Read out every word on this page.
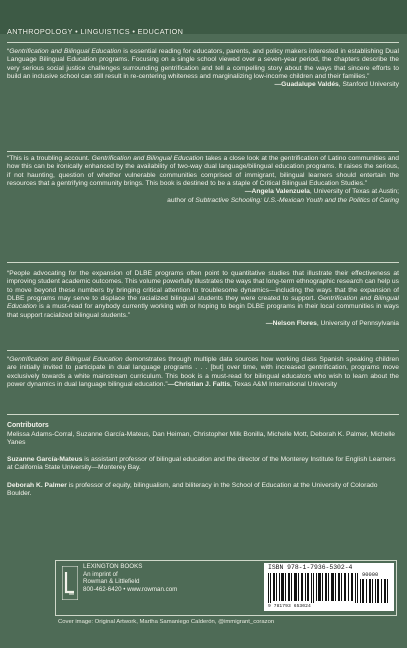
ANTHROPOLOGY • LINGUISTICS • EDUCATION
“Gentrification and Bilingual Education is essential reading for educators, parents, and policy makers interested in establishing Dual Language Bilingual Education programs. Focusing on a single school viewed over a seven-year period, the chapters describe the very serious social justice challenges surrounding gentrification and tell a compelling story about the ways that sincere efforts to build an inclusive school can still result in re-centering whiteness and marginalizing low-income children and their families.”
—Guadalupe Valdés, Stanford University
“This is a troubling account. Gentrification and Bilingual Education takes a close look at the gentrification of Latino communities and how this can be ironically enhanced by the availability of two-way dual language/bilingual education programs. It raises the serious, if not haunting, question of whether vulnerable communities comprised of immigrant, bilingual learners should entertain the resources that a gentrifying community brings. This book is destined to be a staple of Critical Bilingual Education Studies.”
—Angela Valenzuela, University of Texas at Austin;
author of Subtractive Schooling: U.S.-Mexican Youth and the Politics of Caring
“People advocating for the expansion of DLBE programs often point to quantitative studies that illustrate their effectiveness at improving student academic outcomes. This volume powerfully illustrates the ways that long-term ethnographic research can help us to move beyond these numbers by bringing critical attention to troublesome dynamics—including the ways that the expansion of DLBE programs may serve to displace the racialized bilingual students they were created to support. Gentrification and Bilingual Education is a must-read for anybody currently working with or hoping to begin DLBE programs in their local communities in ways that support racialized bilingual students.”
—Nelson Flores, University of Pennsylvania
“Gentrification and Bilingual Education demonstrates through multiple data sources how working class Spanish speaking children are initially invited to participate in dual language programs . . . [but] over time, with increased gentrification, programs move exclusively towards a white mainstream curriculum. This book is a must-read for bilingual educators who wish to learn about the power dynamics in dual language bilingual education.”—Christian J. Faltis, Texas A&M International University
Contributors
Melissa Adams-Corral, Suzanne García-Mateus, Dan Heiman, Christopher Milk Bonilla, Michelle Mott, Deborah K. Palmer, Michelle Yanes
Suzanne García-Mateus is assistant professor of bilingual education and the director of the Monterey Institute for English Learners at California State University—Monterey Bay.
Deborah K. Palmer is professor of equity, bilingualism, and biliteracy in the School of Education at the University of Colorado Boulder.
LEXINGTON BOOKS
An imprint of
Rowman & Littlefield
800-462-6420 • www.rowman.com
ISBN 978-1-7936-5302-4
90000
9 781793 653024
Cover image: Original Artwork, Martha Samaniego Calderón, @immigrant_corazon
